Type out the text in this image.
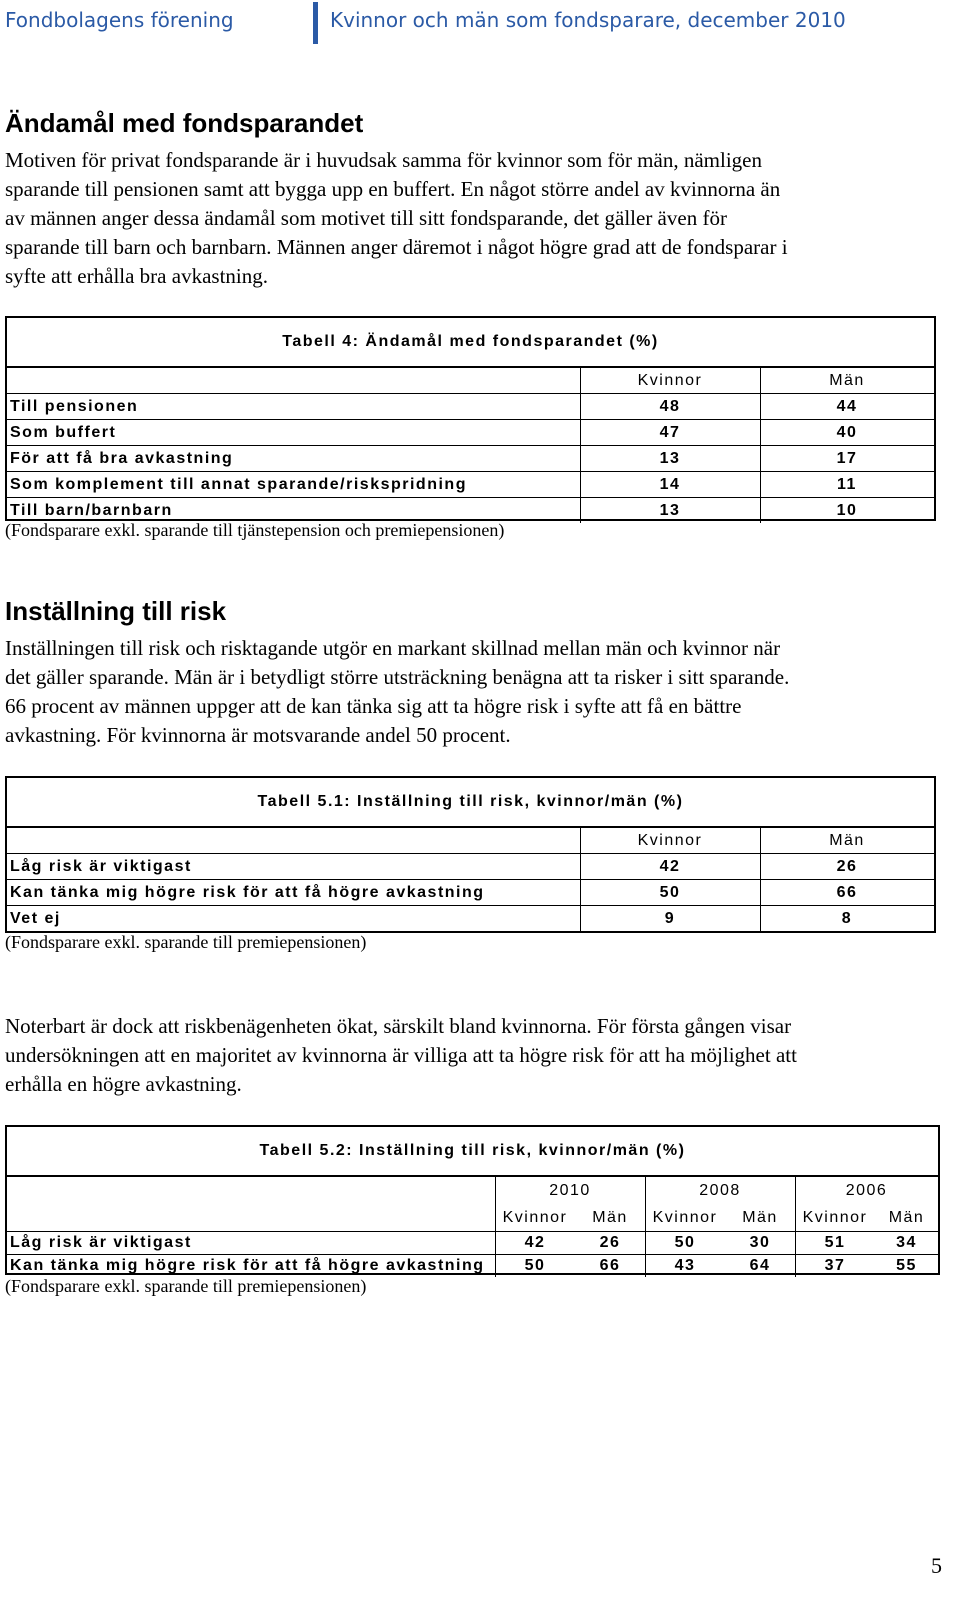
Fondbolagens förening	Kvinnor och män som fondsparare, december 2010
Ändamål med fondsparandet
Motiven för privat fondsparande är i huvudsak samma för kvinnor som för män, nämligen
sparande till pensionen samt att bygga upp en buffert. En något större andel av kvinnorna än
av männen anger dessa ändamål som motivet till sitt fondsparande, det gäller även för
sparande till barn och barnbarn. Männen anger däremot i något högre grad att de fondsparar i
syfte att erhålla bra avkastning.
Tabell 4: Ändamål med fondsparandet (%)
Kvinnor	Män
Till pensionen	48	44
Som buffert	47	40
För att få bra avkastning	13	17
Som komplement till annat sparande/riskspridning	14	11
Till barn/barnbarn	13	10
(Fondsparare exkl. sparande till tjänstepension och premiepensionen)
Inställning till risk
Inställningen till risk och risktagande utgör en markant skillnad mellan män och kvinnor när
det gäller sparande. Män är i betydligt större utsträckning benägna att ta risker i sitt sparande.
66 procent av männen uppger att de kan tänka sig att ta högre risk i syfte att få en bättre
avkastning. För kvinnorna är motsvarande andel 50 procent.
Tabell 5.1: Inställning till risk, kvinnor/män (%)
Kvinnor	Män
Låg risk är viktigast	42	26
Kan tänka mig högre risk för att få högre avkastning	50	66
Vet ej	9	8
(Fondsparare exkl. sparande till premiepensionen)
Noterbart är dock att riskbenägenheten ökat, särskilt bland kvinnorna. För första gången visar
undersökningen att en majoritet av kvinnorna är villiga att ta högre risk för att ha möjlighet att
erhålla en högre avkastning.
Tabell 5.2: Inställning till risk, kvinnor/män (%)
2010	2008	2006
Kvinnor	Män	Kvinnor	Män	Kvinnor	Män
Låg risk är viktigast	42	26	50	30	51	34
Kan tänka mig högre risk för att få högre avkastning	50	66	43	64	37	55
(Fondsparare exkl. sparande till premiepensionen)
5
